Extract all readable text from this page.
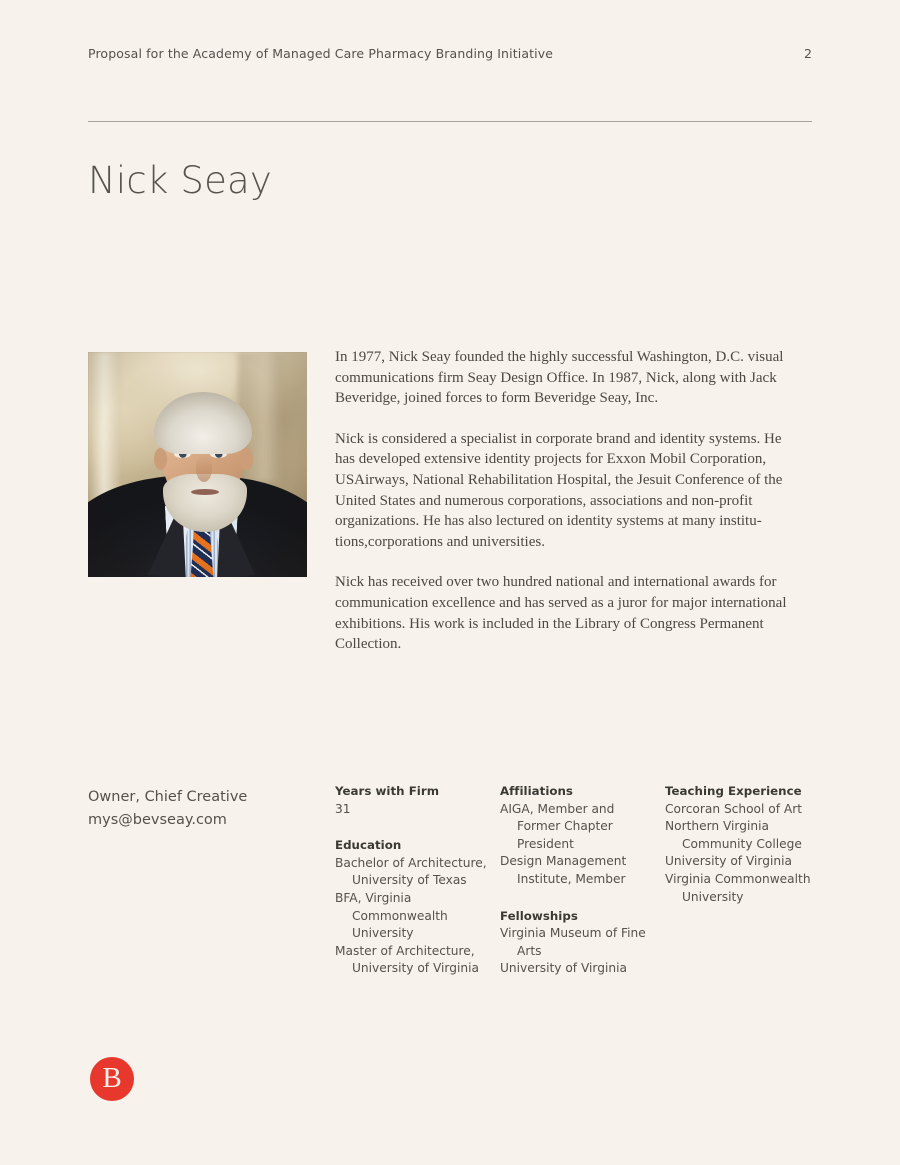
Proposal for the Academy of Managed Care Pharmacy Branding Initiative	2
Nick Seay

In 1977, Nick Seay founded the highly successful Washington, D.C. visual communications firm Seay Design Office. In 1987, Nick, along with Jack Beveridge, joined forces to form Beveridge Seay, Inc.

Nick is considered a specialist in corporate brand and identity systems. He has developed extensive identity projects for Exxon Mobil Corporation, USAirways, National Rehabilitation Hospital, the Jesuit Conference of the United States and numerous corporations, associations and non-profit organizations. He has also lectured on identity systems at many institu-tions,corporations and universities.

Nick has received over two hundred national and international awards for communication excellence and has served as a juror for major international exhibitions. His work is included in the Library of Congress Permanent Collection.

Owner, Chief Creative
mys@bevseay.com
Years with Firm
31
Education
Bachelor of Architecture, University of Texas
BFA, Virginia Commonwealth University
Master of Architecture, University of Virginia
Affiliations
AIGA, Member and      Former Chapter President
Design Management Institute, Member
Fellowships
Virginia Museum of Fine Arts
University of Virginia
Teaching Experience
Corcoran School of Art
Northern Virginia Community College
University of Virginia
Virginia Commonwealth University
B
